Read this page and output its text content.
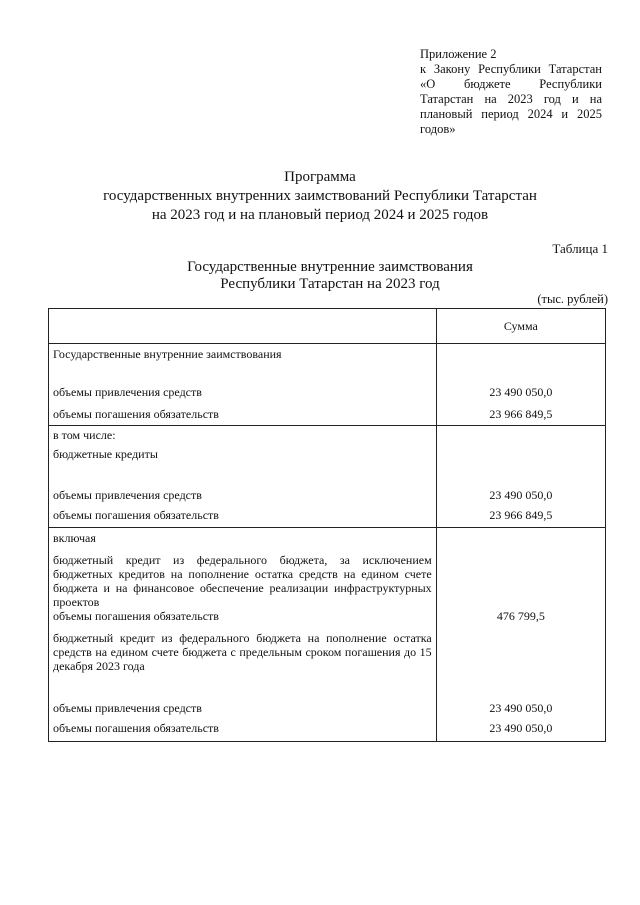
Приложение 2
к Закону Республики Татарстан
«О бюджете Республики
Татарстан на 2023 год и на
плановый период 2024 и 2025
годов»
Программа
государственных внутренних заимствований Республики Татарстан
на 2023 год и на плановый период 2024 и 2025 годов
Таблица 1
Государственные внутренние заимствования
Республики Татарстан на 2023 год
(тыс. рублей)
	Сумма
Государственные внутренние заимствования	
объемы привлечения средств	23 490 050,0
объемы погашения обязательств	23 966 849,5
в том числе:	
бюджетные кредиты	
объемы привлечения средств	23 490 050,0
объемы погашения обязательств	23 966 849,5
включая	
бюджетный кредит из федерального бюджета, за исключением бюджетных кредитов на пополнение остатка средств на едином счете бюджета и на финансовое обеспечение реализации инфраструктурных проектов	
объемы погашения обязательств	476 799,5
бюджетный кредит из федерального бюджета на пополнение остатка средств на едином счете бюджета с предельным сроком погашения до 15 декабря 2023 года	
объемы привлечения средств	23 490 050,0
объемы погашения обязательств	23 490 050,0
